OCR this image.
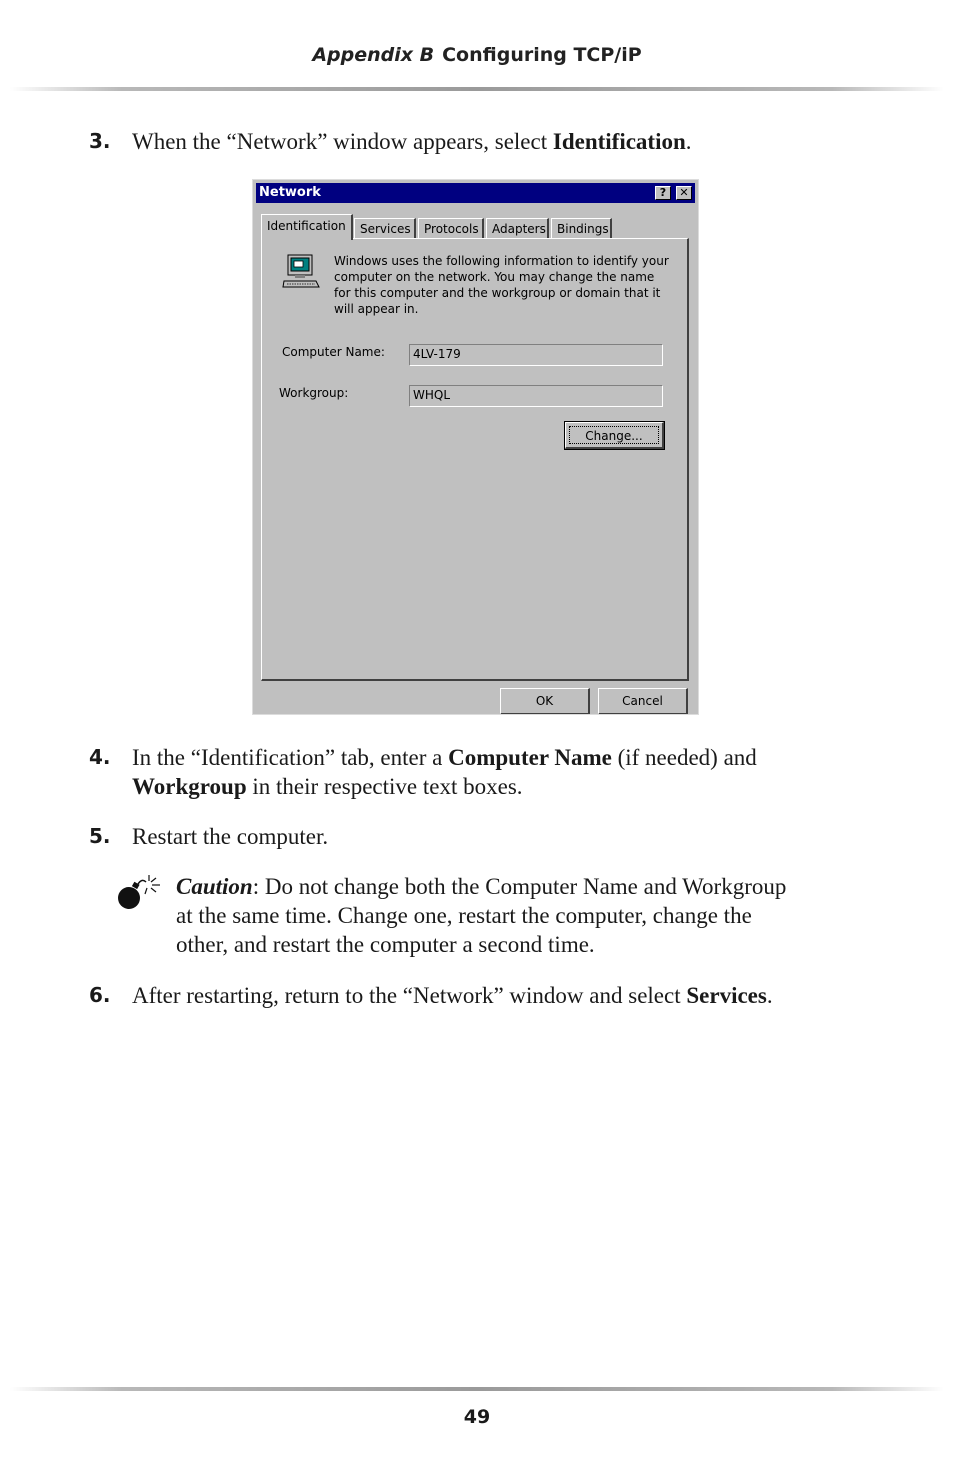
Appendix B Configuring TCP/iP
3. When the “Network” window appears, select Identification.
Network	?	✕
Identification	Services	Protocols	Adapters Bindings
Windows uses the following information to identify your computer on the network. You may change the name for this computer and the workgroup or domain that it will appear in.
Computer Name:	4LV-179
Workgroup:	WHQL
Change...
OK	Cancel
4. In the “Identification” tab, enter a Computer Name (if needed) and
Workgroup in their respective text boxes.
5. Restart the computer.
Caution: Do not change both the Computer Name and Workgroup at the same time. Change one, restart the computer, change the other, and restart the computer a second time.
6. After restarting, return to the “Network” window and select Services.
49
